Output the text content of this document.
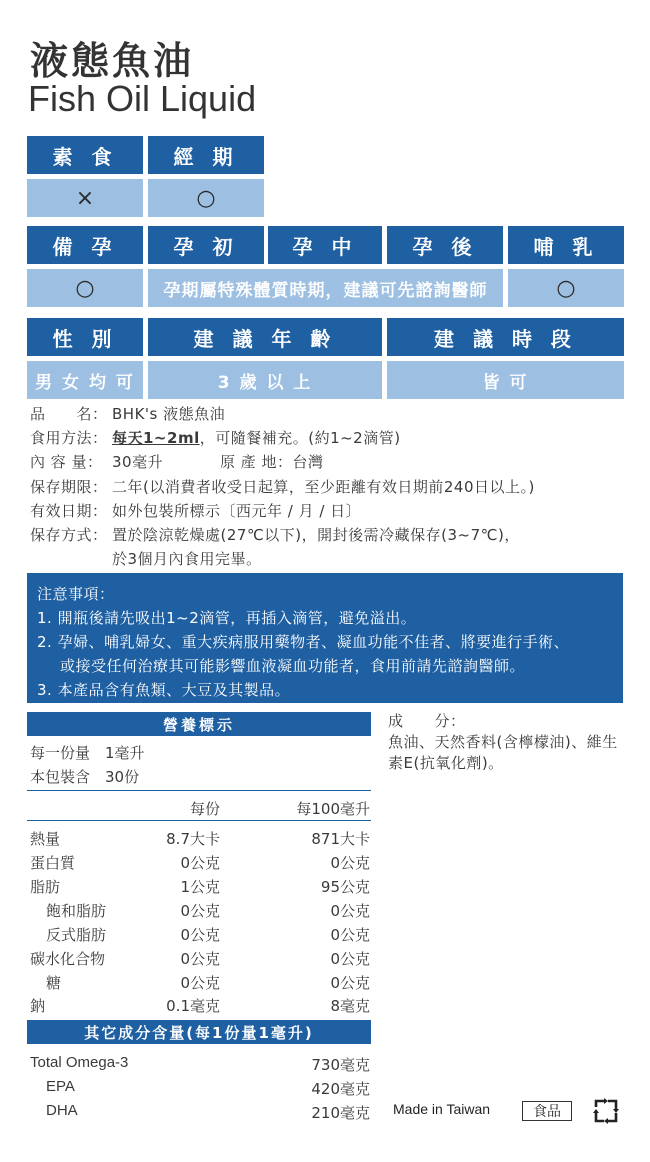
液態魚油
Fish Oil Liquid
素 食	經 期
×	○
備 孕	孕 初	孕 中	孕 後	哺 乳
○	孕期屬特殊體質時期，建議可先諮詢醫師	○
性 別	建 議 年 齡	建 議 時 段
男 女 均 可	3 歲 以 上	皆 可
品　　名： BHK's 液態魚油
食用方法： 每天1~2ml，可隨餐補充。(約1~2滴管)
內 容 量： 30毫升	原 產 地：台灣
保存期限： 二年(以消費者收受日起算，至少距離有效日期前240日以上。)
有效日期： 如外包裝所標示〔西元年 / 月 / 日〕
保存方式： 置於陰涼乾燥處(27℃以下)，開封後需冷藏保存(3~7℃)，
於3個月內食用完畢。
注意事項：
1. 開瓶後請先吸出1~2滴管，再插入滴管，避免溢出。
2. 孕婦、哺乳婦女、重大疾病服用藥物者、凝血功能不佳者、將要進行手術、
或接受任何治療其可能影響血液凝血功能者，食用前請先諮詢醫師。
3. 本產品含有魚類、大豆及其製品。
營養標示
每一份量　1毫升
本包裝含　30份
每份	每100毫升
熱量	8.7大卡	871大卡
蛋白質	0公克	0公克
脂肪	1公克	95公克
飽和脂肪	0公克	0公克
反式脂肪	0公克	0公克
碳水化合物	0公克	0公克
糖	0公克	0公克
鈉	0.1毫克	8毫克
其它成分含量(每1份量1毫升)
Total Omega-3	730毫克
EPA	420毫克
DHA	210毫克
成　　分：
魚油、天然香料(含檸檬油)、維生素E(抗氧化劑)。
Made in Taiwan	食品
